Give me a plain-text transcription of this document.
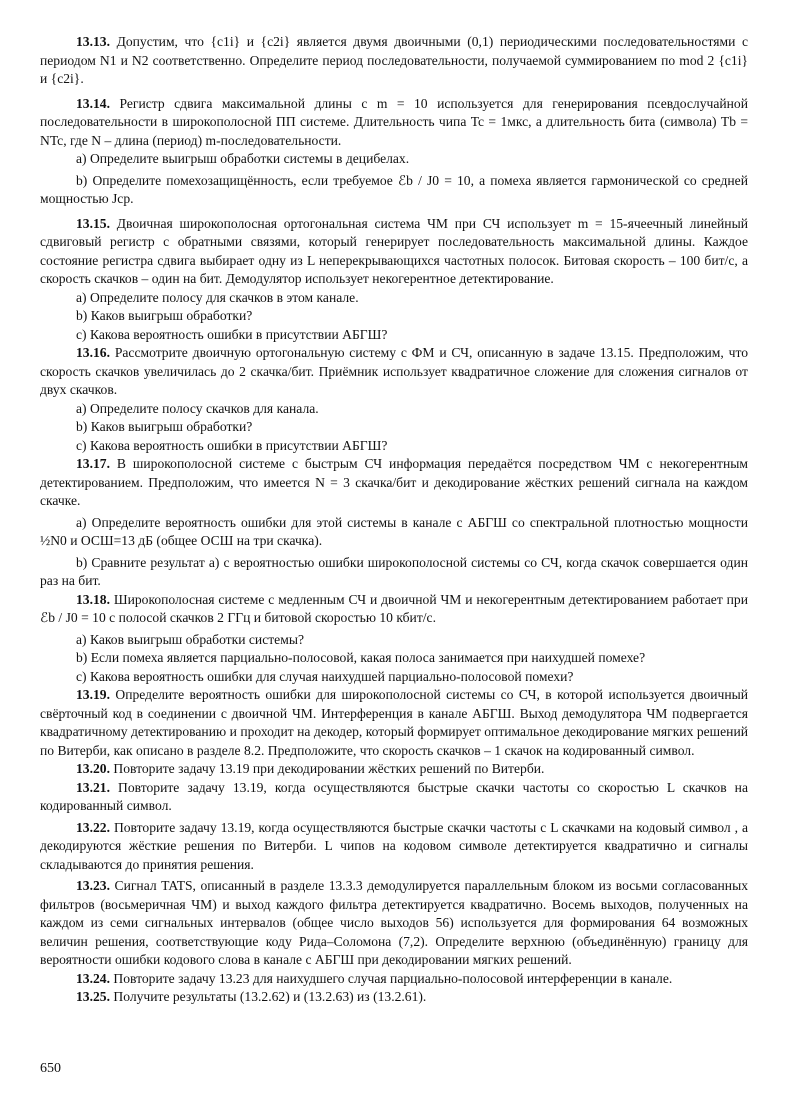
13.13. Допустим, что {c1i} и {c2i} является двумя двоичными (0,1) периодическими последовательностями с периодом N1 и N2 соответственно. Определите период последовательности, получаемой суммированием по mod 2 {c1i} и {c2i}.

13.14. Регистр сдвига максимальной длины с m = 10 используется для генерирования псевдослучайной последовательности в широкополосной ПП системе. Длительность чипа Tc = 1мкс, а длительность бита (символа) Tb = NTc, где N – длина (период) m-последовательности.

а) Определите выигрыш обработки системы в децибелах.

b) Определите помехозащищённость, если требуемое ℰb / J0 = 10, а помеха является гармонической со средней мощностью Jср.

13.15. Двоичная широкополосная ортогональная система ЧМ при СЧ использует m = 15-ячеечный линейный сдвиговый регистр с обратными связями, который генерирует последовательность максимальной длины. Каждое состояние регистра сдвига выбирает одну из L неперекрывающихся частотных полосок. Битовая скорость – 100 бит/с, а скорость скачков – один на бит. Демодулятор использует некогерентное детектирование.

а) Определите полосу для скачков в этом канале.

b) Каков выигрыш обработки?

с) Какова вероятность ошибки в присутствии АБГШ?

13.16. Рассмотрите двоичную ортогональную систему с ФМ и СЧ, описанную в задаче 13.15. Предположим, что скорость скачков увеличилась до 2 скачка/бит. Приёмник использует квадратичное сложение для сложения сигналов от двух скачков.

а) Определите полосу скачков для канала.

b) Каков выигрыш обработки?

с) Какова вероятность ошибки в присутствии АБГШ?

13.17. В широкополосной системе с быстрым СЧ информация передаётся посредством ЧМ с некогерентным детектированием. Предположим, что имеется N = 3 скачка/бит и декодирование жёстких решений сигнала на каждом скачке.

а) Определите вероятность ошибки для этой системы в канале с АБГШ со спектральной плотностью мощности ½N0 и ОСШ=13 дБ (общее ОСШ на три скачка).

b) Сравните результат а) с вероятностью ошибки широкополосной системы со СЧ, когда скачок совершается один раз на бит.

13.18. Широкополосная системе с медленным СЧ и двоичной ЧМ и некогерентным детектированием работает при ℰb / J0 = 10 с полосой скачков 2 ГГц и битовой скоростью 10 кбит/с.

а) Каков выигрыш обработки системы?

b) Если помеха является парциально-полосовой, какая полоса занимается при наихудшей помехе?

с) Какова вероятность ошибки для случая наихудшей парциально-полосовой помехи?

13.19. Определите вероятность ошибки для широкополосной системы со СЧ, в которой используется двоичный свёрточный код в соединении с двоичной ЧМ. Интерференция в канале АБГШ. Выход демодулятора ЧМ подвергается квадратичному детектированию и проходит на декодер, который формирует оптимальное декодирование мягких решений по Витерби, как описано в разделе 8.2. Предположите, что скорость скачков – 1 скачок на кодированный символ.

13.20. Повторите задачу 13.19 при декодировании жёстких решений по Витерби.

13.21. Повторите задачу 13.19, когда осуществляются быстрые скачки частоты со скоростью L скачков на кодированный символ.

13.22. Повторите задачу 13.19, когда осуществляются быстрые скачки частоты с L скачками на кодовый символ , а декодируются жёсткие решения по Витерби. L чипов на кодовом символе детектируется квадратично и сигналы складываются до принятия решения.

13.23. Сигнал TATS, описанный в разделе 13.3.3 демодулируется параллельным блоком из восьми согласованных фильтров (восьмеричная ЧМ) и выход каждого фильтра детектируется квадратично. Восемь выходов, полученных на каждом из семи сигнальных интервалов (общее число выходов 56) используется для формирования 64 возможных величин решения, соответствующие коду Рида–Соломона (7,2). Определите верхнюю (объединённую) границу для вероятности ошибки кодового слова в канале с АБГШ при декодировании мягких решений.

13.24. Повторите задачу 13.23 для наихудшего случая парциально-полосовой интерференции в канале.

13.25. Получите результаты (13.2.62) и (13.2.63) из (13.2.61).

650
